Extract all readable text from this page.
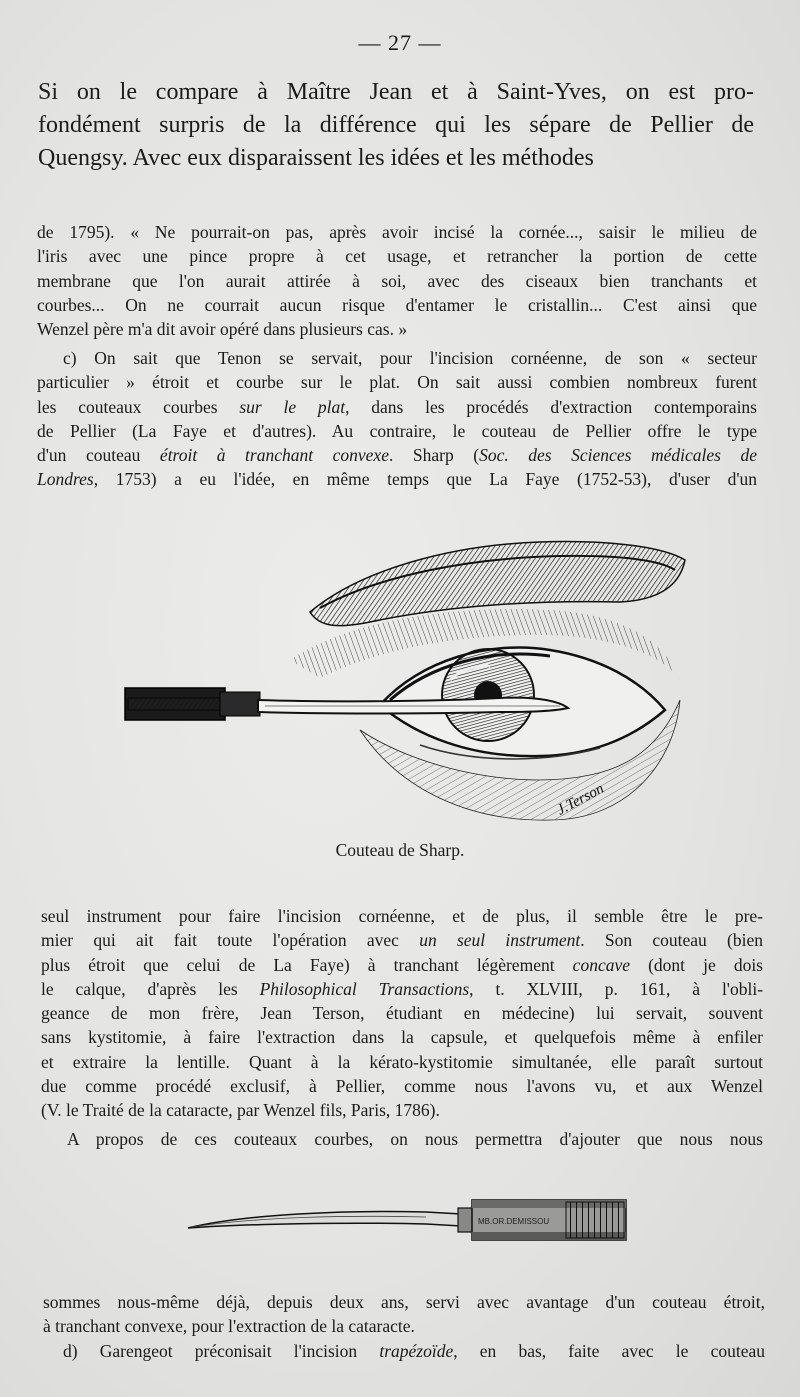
— 27 —
Si on le compare à Maître Jean et à Saint-Yves, on est pro-
fondément surpris de la différence qui les sépare de Pellier de
Quengsy. Avec eux disparaissent les idées et les méthodes
de 1795). « Ne pourrait-on pas, après avoir incisé la cornée..., saisir le milieu de
l'iris avec une pince propre à cet usage, et retrancher la portion de cette
membrane que l'on aurait attirée à soi, avec des ciseaux bien tranchants et
courbes... On ne courrait aucun risque d'entamer le cristallin... C'est ainsi que
Wenzel père m'a dit avoir opéré dans plusieurs cas. »
c) On sait que Tenon se servait, pour l'incision cornéenne, de son « secteur
particulier » étroit et courbe sur le plat. On sait aussi combien nombreux furent
les couteaux courbes sur le plat, dans les procédés d'extraction contemporains
de Pellier (La Faye et d'autres). Au contraire, le couteau de Pellier offre le type
d'un couteau étroit à tranchant convexe. Sharp (Soc. des Sciences médicales de
Londres, 1753) a eu l'idée, en même temps que La Faye (1752-53), d'user d'un
J.Terson
Couteau de Sharp.
seul instrument pour faire l'incision cornéenne, et de plus, il semble être le pre-
mier qui ait fait toute l'opération avec un seul instrument. Son couteau (bien
plus étroit que celui de La Faye) à tranchant légèrement concave (dont je dois
le calque, d'après les Philosophical Transactions, t. XLVIII, p. 161, à l'obli-
geance de mon frère, Jean Terson, étudiant en médecine) lui servait, souvent
sans kystitomie, à faire l'extraction dans la capsule, et quelquefois même à enfiler
et extraire la lentille. Quant à la kérato-kystitomie simultanée, elle paraît surtout
due comme procédé exclusif, à Pellier, comme nous l'avons vu, et aux Wenzel
(V. le Traité de la cataracte, par Wenzel fils, Paris, 1786).
A propos de ces couteaux courbes, on nous permettra d'ajouter que nous nous
MB.OR.DEMISSOU
sommes nous-même déjà, depuis deux ans, servi avec avantage d'un couteau étroit,
à tranchant convexe, pour l'extraction de la cataracte.
d) Garengeot préconisait l'incision trapézoïde, en bas, faite avec le couteau
